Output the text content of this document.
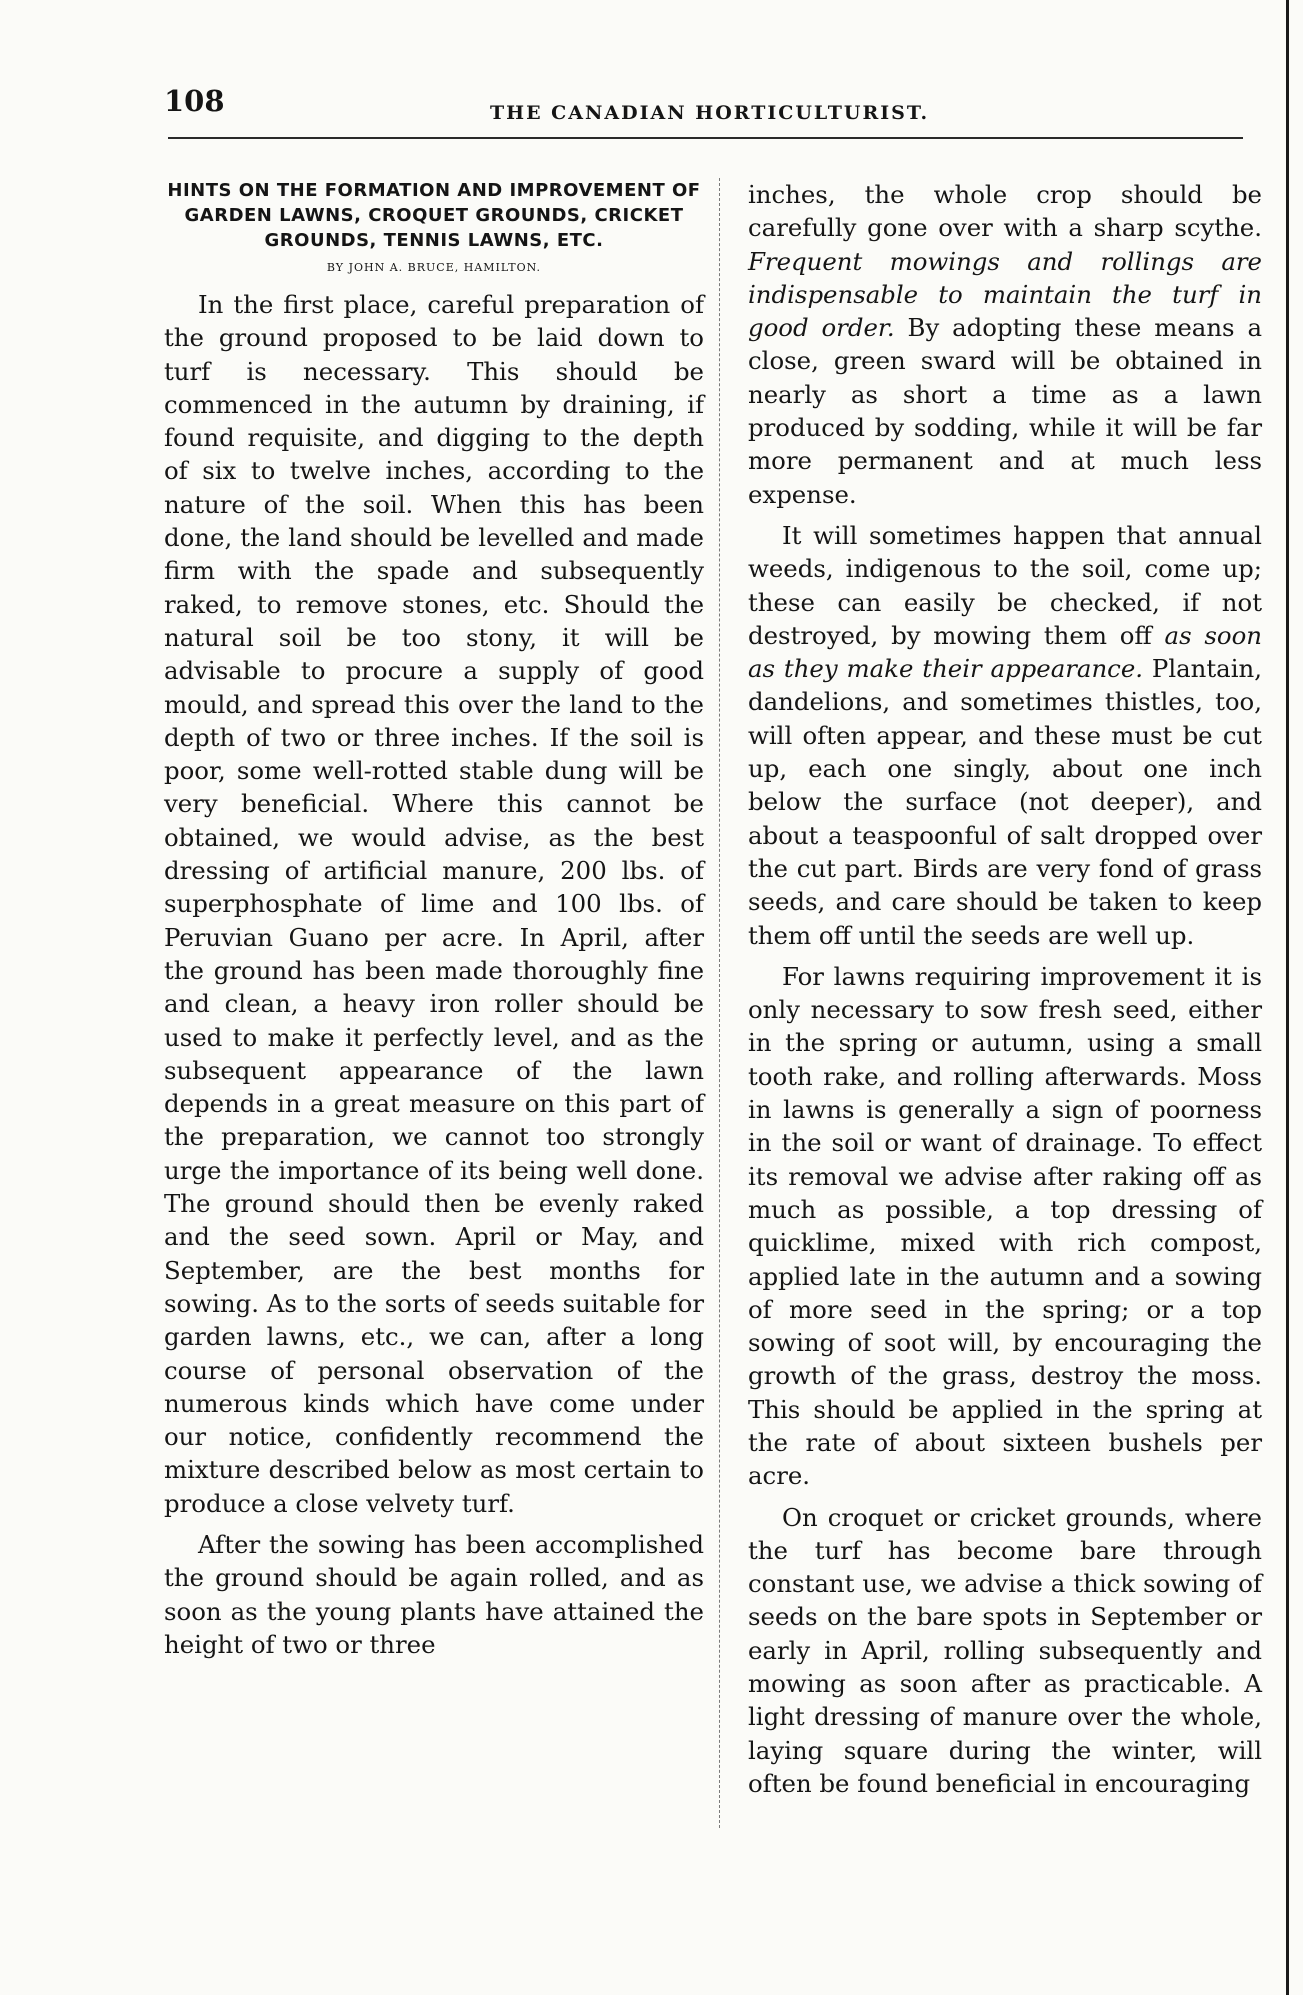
108	THE CANADIAN HORTICULTURIST.
HINTS ON THE FORMATION AND IMPROVEMENT OF GARDEN LAWNS, CROQUET GROUNDS, CRICKET GROUNDS, TENNIS LAWNS, ETC.
BY JOHN A. BRUCE, HAMILTON.

In the first place, careful preparation of the ground proposed to be laid down to turf is necessary. This should be commenced in the autumn by draining, if found requisite, and digging to the depth of six to twelve inches, according to the nature of the soil. When this has been done, the land should be levelled and made firm with the spade and subsequently raked, to remove stones, etc. Should the natural soil be too stony, it will be advisable to procure a supply of good mould, and spread this over the land to the depth of two or three inches. If the soil is poor, some well-rotted stable dung will be very beneficial. Where this cannot be obtained, we would advise, as the best dressing of artificial manure, 200 lbs. of superphosphate of lime and 100 lbs. of Peruvian Guano per acre. In April, after the ground has been made thoroughly fine and clean, a heavy iron roller should be used to make it perfectly level, and as the subsequent appearance of the lawn depends in a great measure on this part of the preparation, we cannot too strongly urge the importance of its being well done. The ground should then be evenly raked and the seed sown. April or May, and September, are the best months for sowing. As to the sorts of seeds suitable for garden lawns, etc., we can, after a long course of personal observation of the numerous kinds which have come under our notice, confidently recommend the mixture described below as most certain to produce a close velvety turf.

After the sowing has been accomplished the ground should be again rolled, and as soon as the young plants have attained the height of two or three

inches, the whole crop should be carefully gone over with a sharp scythe. Frequent mowings and rollings are indispensable to maintain the turf in good order. By adopting these means a close, green sward will be obtained in nearly as short a time as a lawn produced by sodding, while it will be far more permanent and at much less expense.

It will sometimes happen that annual weeds, indigenous to the soil, come up; these can easily be checked, if not destroyed, by mowing them off as soon as they make their appearance. Plantain, dandelions, and sometimes thistles, too, will often appear, and these must be cut up, each one singly, about one inch below the surface (not deeper), and about a teaspoonful of salt dropped over the cut part. Birds are very fond of grass seeds, and care should be taken to keep them off until the seeds are well up.

For lawns requiring improvement it is only necessary to sow fresh seed, either in the spring or autumn, using a small tooth rake, and rolling afterwards. Moss in lawns is generally a sign of poorness in the soil or want of drainage. To effect its removal we advise after raking off as much as possible, a top dressing of quicklime, mixed with rich compost, applied late in the autumn and a sowing of more seed in the spring; or a top sowing of soot will, by encouraging the growth of the grass, destroy the moss. This should be applied in the spring at the rate of about sixteen bushels per acre.

On croquet or cricket grounds, where the turf has become bare through constant use, we advise a thick sowing of seeds on the bare spots in September or early in April, rolling subsequently and mowing as soon after as practicable. A light dressing of manure over the whole, laying square during the winter, will often be found beneficial in encouraging
